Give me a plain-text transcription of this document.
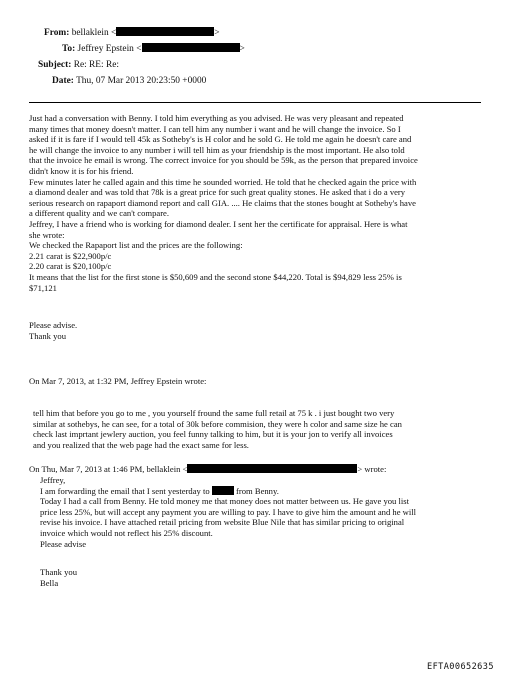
From: bellaklein <	>
To: Jeffrey Epstein <	>
Subject: Re: RE: Re:
Date: Thu, 07 Mar 2013 20:23:50 +0000

Just had a conversation with Benny. I told him everything as you advised. He was very pleasant and repeated
many times that money doesn't matter. I can tell him any number i want and he will change the invoice. So I
asked if it is fare if I would tell 45k as Sotheby's is H color and he sold G. He told me again he doesn't care and
he will change the invoice to any number i will tell him as your friendship is the most important. He also told
that the invoice he email is wrong. The correct invoice for you should be 59k, as the person that prepared invoice
didn't know it is for his friend.
Few minutes later he called again and this time he sounded worried. He told that he checked again the price with
a diamond dealer and was told that 78k is a great price for such great quality stones. He asked that i do a very
serious research on rapaport diamond report and call GIA. .... He claims that the stones bought at Sotheby's have
a different quality and we can't compare.
Jeffrey, I have a friend who is working for diamond dealer. I sent her the certificate for appraisal. Here is what
she wrote:
We checked the Rapaport list and the prices are the following:
2.21 carat is $22,900p/c
2.20 carat is $20,100p/c
It means that the list for the first stone is $50,609 and the second stone $44,220. Total is $94,829 less 25% is
$71,121

Please advise.

Thank you

On Mar 7, 2013, at 1:32 PM, Jeffrey Epstein wrote:

tell him that before you go to me , you yourself fround the same full retail at 75 k . i just bought two very
similar at sothebys, he can see, for a total of 30k before commision, they were h color and same size he can
check last imprtant jewlery auction, you feel funny talking to him, but it is your jon to verify all invoices
and you realized that the web page had the exact same for less.

On Thu, Mar 7, 2013 at 1:46 PM, bellaklein <	> wrote:

Jeffrey,

I am forwarding the email that I sent yesterday to	from Benny.

Today I had a call from Benny. He told money me that money does not matter between us. He gave you list
price less 25%, but will accept any payment you are willing to pay. I have to give him the amount and he will
revise his invoice. I have attached retail pricing from website Blue Nile that has similar pricing to original
invoice which would not reflect his 25% discount.

Please advise

Thank you

Bella

EFTA00652635
